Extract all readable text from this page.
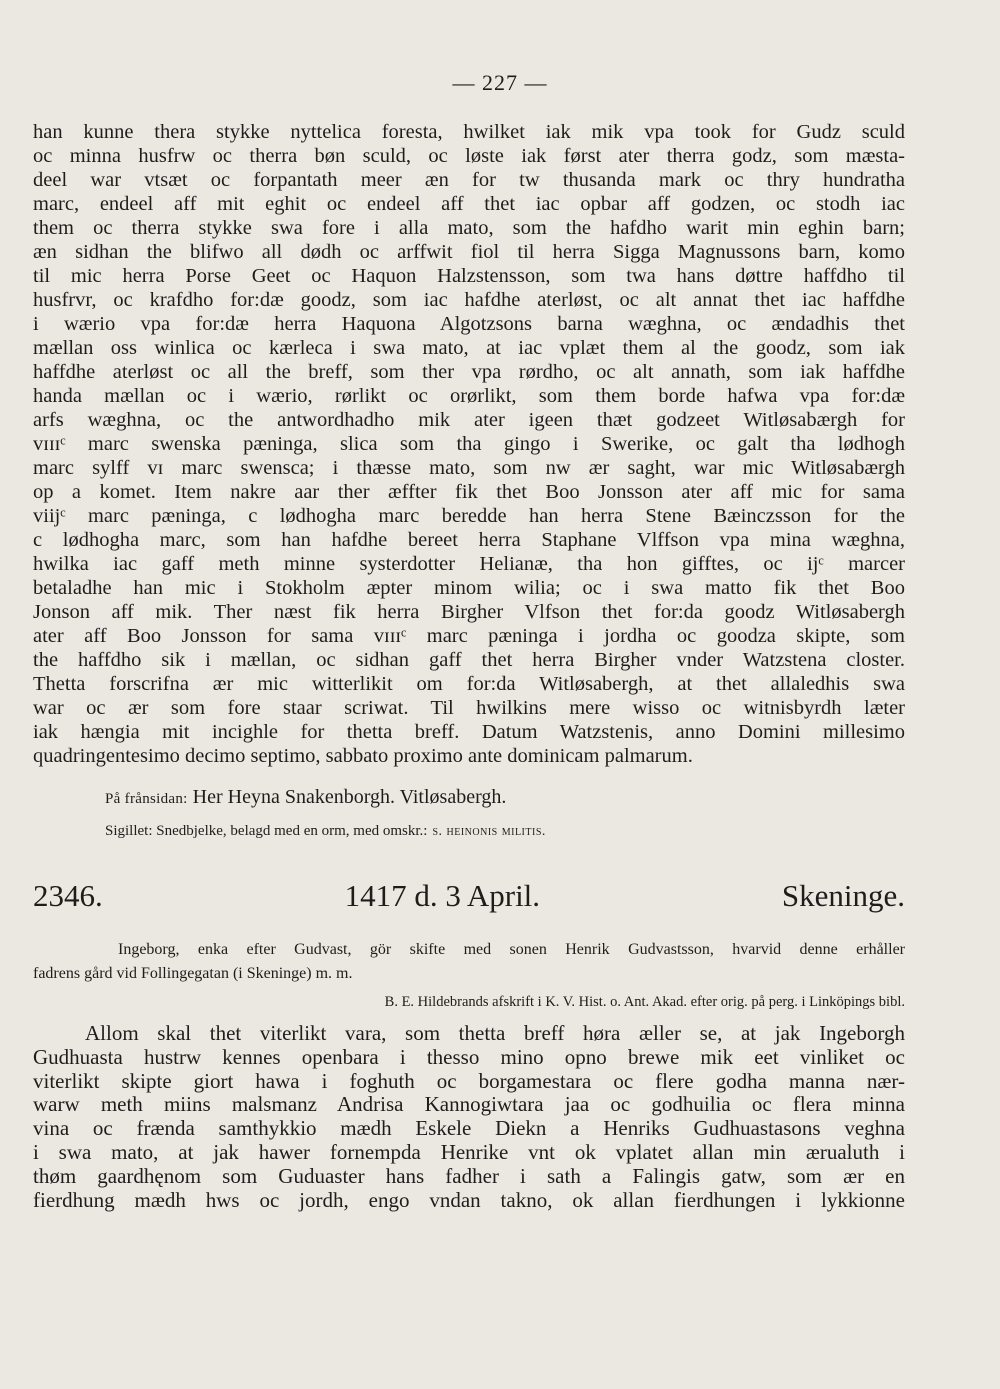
— 227 —
han kunne thera stykke nyttelica foresta, hwilket iak mik vpa took for Gudz sculd
oc minna husfrw oc therra bøn sculd, oc løste iak først ater therra godz, som mæsta-
deel war vtsæt oc forpantath meer æn for tw thusanda mark oc thry hundratha
marc, endeel aff mit eghit oc endeel aff thet iac opbar aff godzen, oc stodh iac
them oc therra stykke swa fore i alla mato, som the hafdho warit min eghin barn;
æn sidhan the blifwo all dødh oc arffwit fiol til herra Sigga Magnussons barn, komo
til mic herra Porse Geet oc Haquon Halzstensson, som twa hans døttre haffdho til
husfrvr, oc krafdho for:dæ goodz, som iac hafdhe aterløst, oc alt annat thet iac haffdhe
i wærio vpa for:dæ herra Haquona Algotzsons barna wæghna, oc ændadhis thet
mællan oss winlica oc kærleca i swa mato, at iac vplæt them al the goodz, som iak
haffdhe aterløst oc all the breff, som ther vpa rørdho, oc alt annath, som iak haffdhe
handa mællan oc i wærio, rørlikt oc orørlikt, som them borde hafwa vpa for:dæ
arfs wæghna, oc the antwordhadho mik ater igeen thæt godzeet Witløsabærgh for
vɪɪɪᶜ marc swenska pæninga, slica som tha gingo i Swerike, oc galt tha lødhogh
marc sylff vɪ marc swensca; i thæsse mato, som nw ær saght, war mic Witløsabærgh
op a komet. Item nakre aar ther æffter fik thet Boo Jonsson ater aff mic for sama
viijᶜ marc pæninga, c lødhogha marc beredde han herra Stene Bæinczsson for the
c lødhogha marc, som han hafdhe bereet herra Staphane Vlffson vpa mina wæghna,
hwilka iac gaff meth minne systerdotter Helianæ, tha hon gifftes, oc ijᶜ marcer
betaladhe han mic i Stokholm æpter minom wilia; oc i swa matto fik thet Boo
Jonson aff mik. Ther næst fik herra Birgher Vlfson thet for:da goodz Witløsabergh
ater aff Boo Jonsson for sama vɪɪɪᶜ marc pæninga i jordha oc goodza skipte, som
the haffdho sik i mællan, oc sidhan gaff thet herra Birgher vnder Watzstena closter.
Thetta forscrifna ær mic witterlikit om for:da Witløsabergh, at thet allaledhis swa
war oc ær som fore staar scriwat. Til hwilkins mere wisso oc witnisbyrdh læter
iak hængia mit incighle for thetta breff. Datum Watzstenis, anno Domini millesimo
quadringentesimo decimo septimo, sabbato proximo ante dominicam palmarum.
På frånsidan: Her Heyna Snakenborgh. Vitløsabergh.
Sigillet: Snedbjelke, belagd med en orm, med omskr.: s. heinonis militis.
2346.	1417 d. 3 April.	Skeninge.
Ingeborg, enka efter Gudvast, gör skifte med sonen Henrik Gudvastsson, hvarvid denne erhåller
fadrens gård vid Follingegatan (i Skeninge) m. m.
B. E. Hildebrands afskrift i K. V. Hist. o. Ant. Akad. efter orig. på perg. i Linköpings bibl.
Allom skal thet viterlikt vara, som thetta breff høra æller se, at jak Ingeborgh
Gudhuasta hustrw kennes openbara i thesso mino opno brewe mik eet vinliket oc
viterlikt skipte giort hawa i foghuth oc borgamestara oc flere godha manna nær-
warw meth miins malsmanz Andrisa Kannogiwtara jaa oc godhuilia oc flera minna
vina oc frænda samthykkio mædh Eskele Diekn a Henriks Gudhuastasons veghna
i swa mato, at jak hawer fornempda Henrike vnt ok vplatet allan min ærualuth i
thøm gaardhęnom som Guduaster hans fadher i sath a Falingis gatw, som ær en
fierdhung mædh hws oc jordh, engo vndan takno, ok allan fierdhungen i lykkionne
